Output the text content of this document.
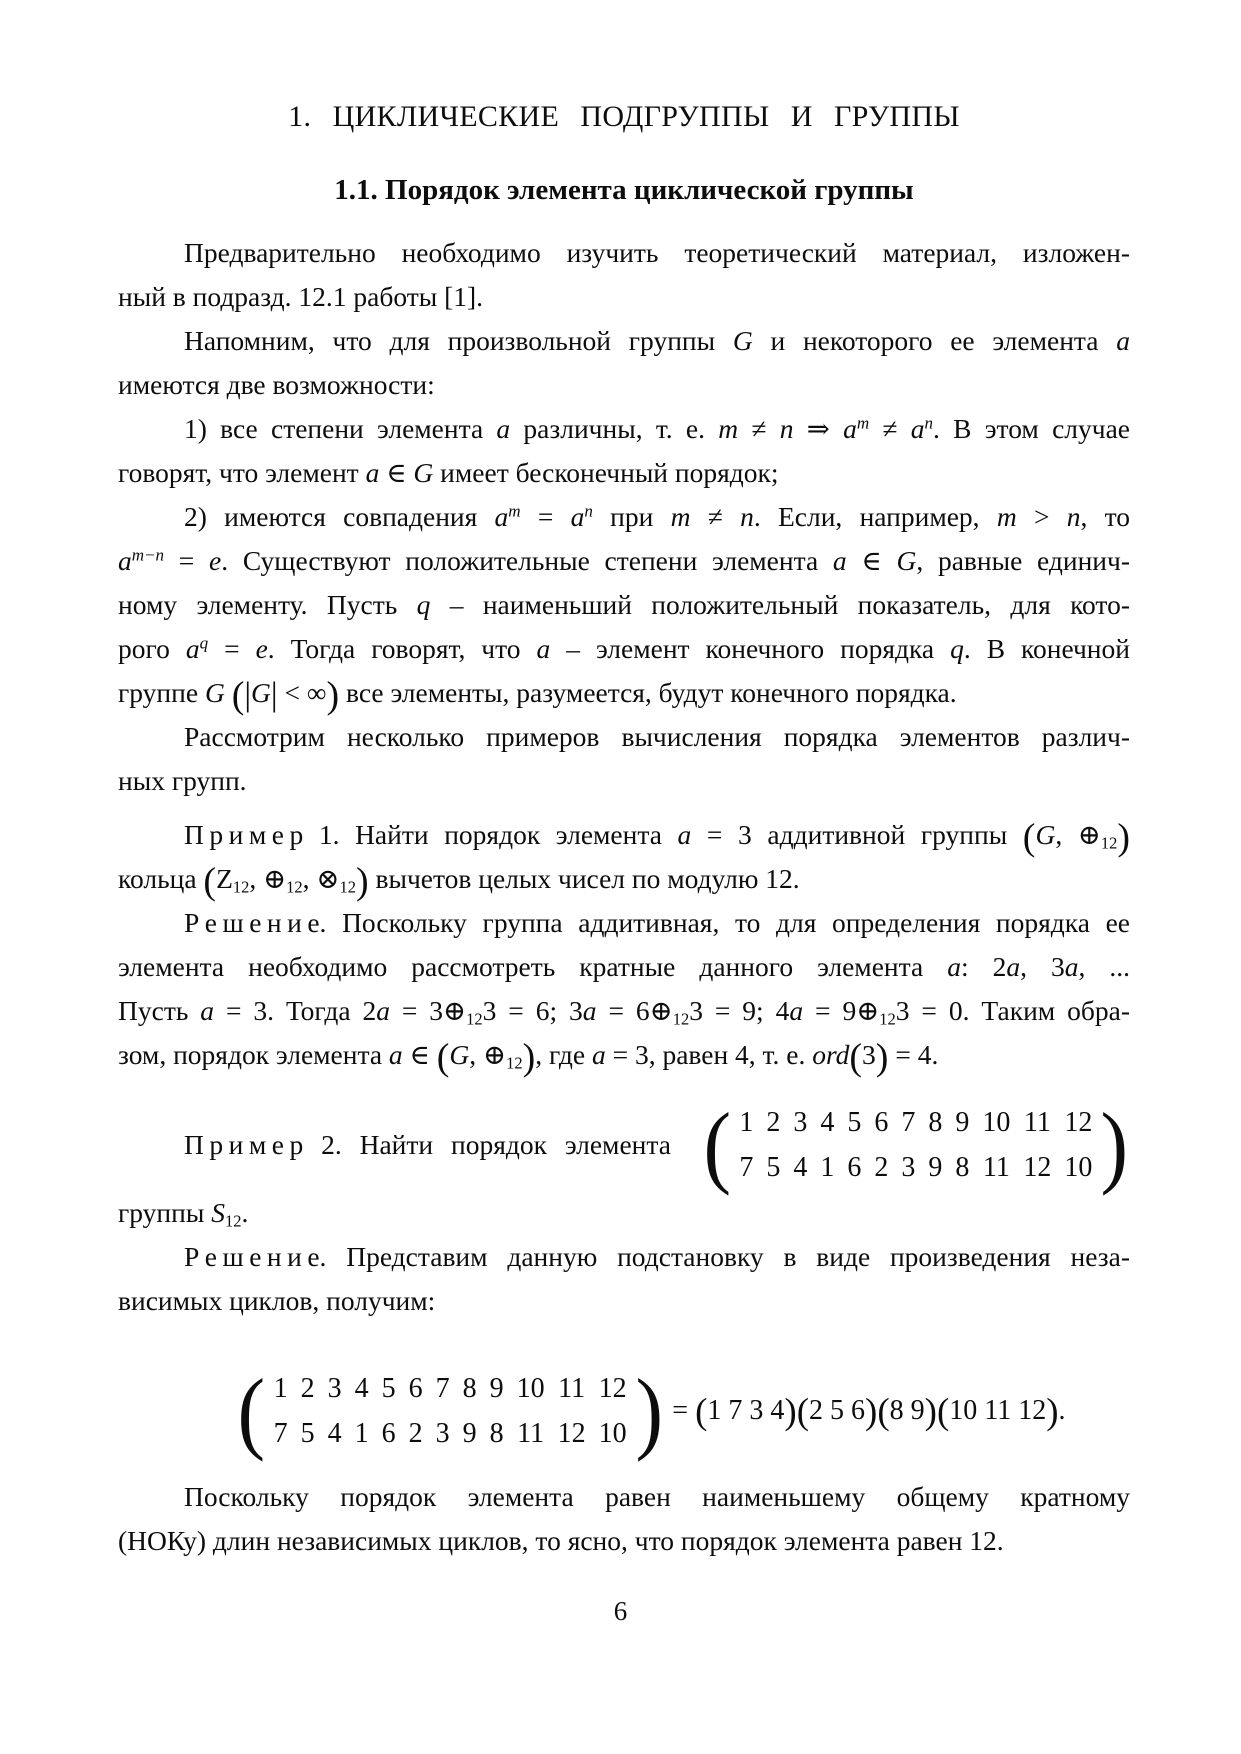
1. ЦИКЛИЧЕСКИЕ ПОДГРУППЫ И ГРУППЫ
1.1. Порядок элемента циклической группы
Предварительно необходимо изучить теоретический материал, изложен-
ный в подразд. 12.1 работы [1].
Напомним, что для произвольной группы G и некоторого ее элемента a
имеются две возможности:
1) все степени элемента a различны, т. е. m ≠ n ⇒ $a^m \ne a^n$. В этом случае
говорят, что элемент a ∈ G имеет бесконечный порядок;
2) имеются совпадения $a^m = a^n$ при m ≠ n. Если, например, m > n, то
$a^{m-n} = e$. Существуют положительные степени элемента a ∈ G, равные единич-
ному элементу. Пусть q – наименьший положительный показатель, для кото-
рого $a^q = e$. Тогда говорят, что a – элемент конечного порядка q. В конечной
группе G (|G| < ∞) все элементы, разумеется, будут конечного порядка.
Рассмотрим несколько примеров вычисления порядка элементов различ-
ных групп.
П р и м е р 1. Найти порядок элемента a = 3 аддитивной группы (G, ⊕12)
кольца (Z12, ⊕12, ⊗12) вычетов целых чисел по модулю 12.
Р е ш е н и е. Поскольку группа аддитивная, то для определения порядка ее
элемента необходимо рассмотреть кратные данного элемента a: 2a, 3a, ...
Пусть a = 3. Тогда 2a = 3⊕123 = 6; 3a = 6⊕123 = 9; 4a = 9⊕123 = 0. Таким обра-
зом, порядок элемента a ∈ (G, ⊕12), где a = 3, равен 4, т. е. ord(3) = 4.
П р и м е р 2. Найти порядок элемента ( 1 2 3 4 5 6 7 8 9 10 11 12
7 5 4 1 6 2 3 9 8 11 12 10 )
группы S12.
Р е ш е н и е. Представим данную подстановку в виде произведения неза-
висимых циклов, получим:
( 1 2 3 4 5 6 7 8 9 10 11 12
7 5 4 1 6 2 3 9 8 11 12 10 ) = (1 7 3 4)(2 5 6)(8 9)(10 11 12).
Поскольку порядок элемента равен наименьшему общему кратному
(НОКу) длин независимых циклов, то ясно, что порядок элемента равен 12.
6
